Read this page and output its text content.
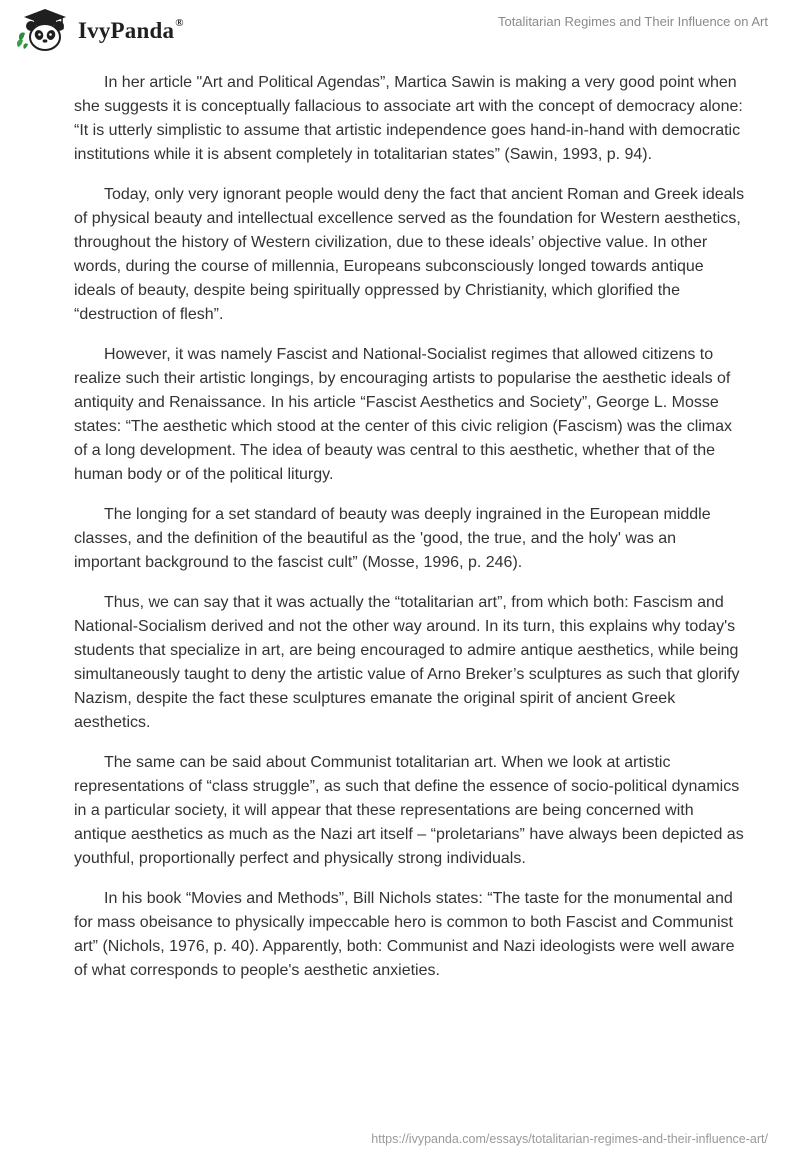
IvyPanda®	Totalitarian Regimes and Their Influence on Art

In her article "Art and Political Agendas”, Martica Sawin is making a very good point when she suggests it is conceptually fallacious to associate art with the concept of democracy alone: “It is utterly simplistic to assume that artistic independence goes hand-in-hand with democratic institutions while it is absent completely in totalitarian states” (Sawin, 1993, p. 94).

Today, only very ignorant people would deny the fact that ancient Roman and Greek ideals of physical beauty and intellectual excellence served as the foundation for Western aesthetics, throughout the history of Western civilization, due to these ideals’ objective value. In other words, during the course of millennia, Europeans subconsciously longed towards antique ideals of beauty, despite being spiritually oppressed by Christianity, which glorified the “destruction of flesh”.

However, it was namely Fascist and National-Socialist regimes that allowed citizens to realize such their artistic longings, by encouraging artists to popularise the aesthetic ideals of antiquity and Renaissance. In his article “Fascist Aesthetics and Society”, George L. Mosse states: “The aesthetic which stood at the center of this civic religion (Fascism) was the climax of a long development. The idea of beauty was central to this aesthetic, whether that of the human body or of the political liturgy.

The longing for a set standard of beauty was deeply ingrained in the European middle classes, and the definition of the beautiful as the 'good, the true, and the holy' was an important background to the fascist cult” (Mosse, 1996, p. 246).

Thus, we can say that it was actually the “totalitarian art”, from which both: Fascism and National-Socialism derived and not the other way around. In its turn, this explains why today's students that specialize in art, are being encouraged to admire antique aesthetics, while being simultaneously taught to deny the artistic value of Arno Breker’s sculptures as such that glorify Nazism, despite the fact these sculptures emanate the original spirit of ancient Greek aesthetics.

The same can be said about Communist totalitarian art. When we look at artistic representations of “class struggle”, as such that define the essence of socio-political dynamics in a particular society, it will appear that these representations are being concerned with antique aesthetics as much as the Nazi art itself – “proletarians” have always been depicted as youthful, proportionally perfect and physically strong individuals.

In his book “Movies and Methods”, Bill Nichols states: “The taste for the monumental and for mass obeisance to physically impeccable hero is common to both Fascist and Communist art” (Nichols, 1976, p. 40). Apparently, both: Communist and Nazi ideologists were well aware of what corresponds to people's aesthetic anxieties.

https://ivypanda.com/essays/totalitarian-regimes-and-their-influence-art/
